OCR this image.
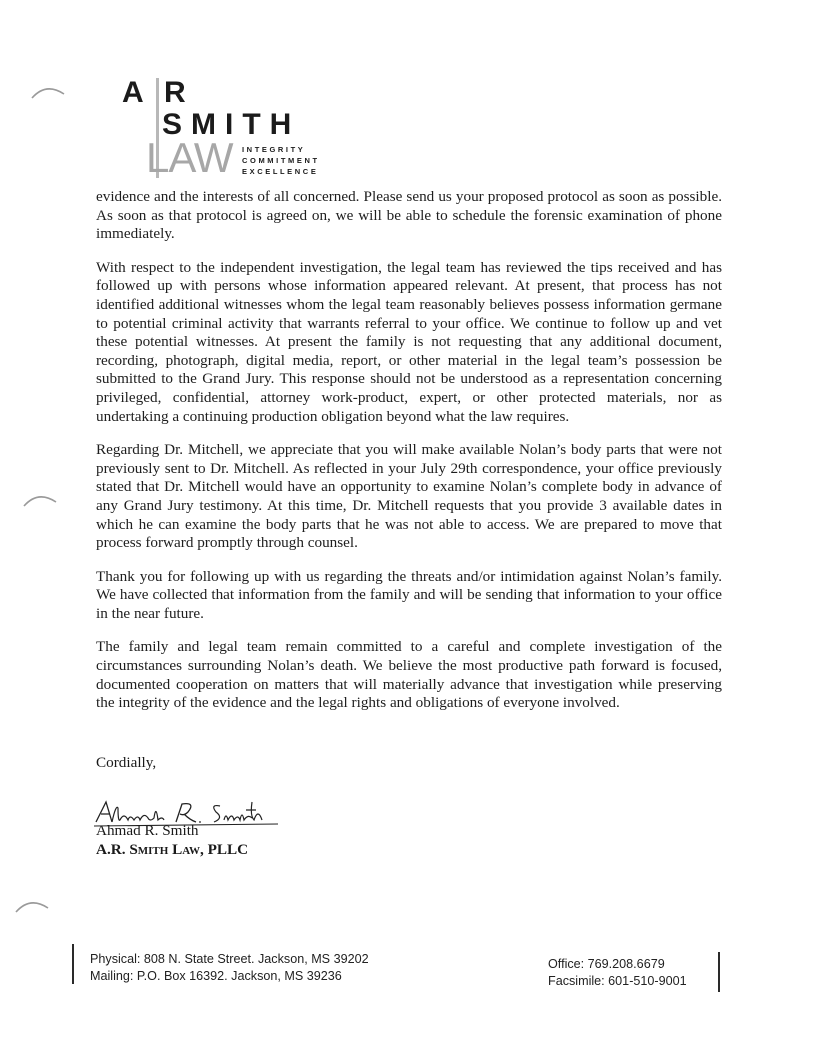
A R
SMITH
LAW INTEGRITY
COMMITMENT
EXCELLENCE

evidence and the interests of all concerned. Please send us your proposed protocol as soon as possible. As soon as that protocol is agreed on, we will be able to schedule the forensic examination of phone immediately.

With respect to the independent investigation, the legal team has reviewed the tips received and has followed up with persons whose information appeared relevant. At present, that process has not identified additional witnesses whom the legal team reasonably believes possess information germane to potential criminal activity that warrants referral to your office. We continue to follow up and vet these potential witnesses. At present the family is not requesting that any additional document, recording, photograph, digital media, report, or other material in the legal team’s possession be submitted to the Grand Jury. This response should not be understood as a representation concerning privileged, confidential, attorney work-product, expert, or other protected materials, nor as undertaking a continuing production obligation beyond what the law requires.

Regarding Dr. Mitchell, we appreciate that you will make available Nolan’s body parts that were not previously sent to Dr. Mitchell. As reflected in your July 29th correspondence, your office previously stated that Dr. Mitchell would have an opportunity to examine Nolan’s complete body in advance of any Grand Jury testimony. At this time, Dr. Mitchell requests that you provide 3 available dates in which he can examine the body parts that he was not able to access. We are prepared to move that process forward promptly through counsel.

Thank you for following up with us regarding the threats and/or intimidation against Nolan’s family. We have collected that information from the family and will be sending that information to your office in the near future.

The family and legal team remain committed to a careful and complete investigation of the circumstances surrounding Nolan’s death. We believe the most productive path forward is focused, documented cooperation on matters that will materially advance that investigation while preserving the integrity of the evidence and the legal rights and obligations of everyone involved.

Cordially,
Ahmad R. Smith
A.R. Smith Law, PLLC
Physical: 808 N. State Street. Jackson, MS 39202
Mailing: P.O. Box 16392. Jackson, MS 39236
Office: 769.208.6679
Facsimile: 601-510-9001
